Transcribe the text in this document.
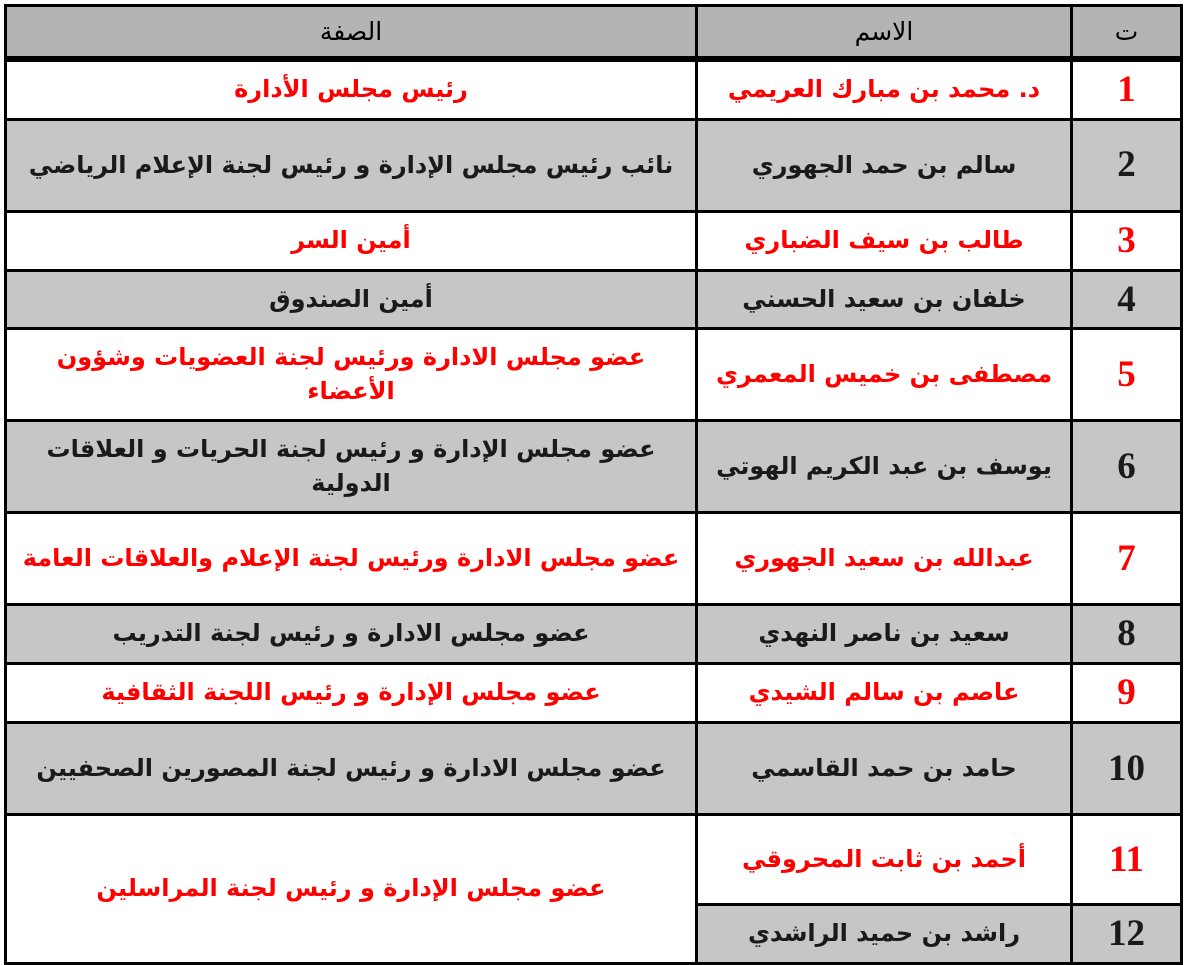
ت	الاسم	الصفة
1	د. محمد بن مبارك العريمي	رئيس مجلس الأدارة
2	سالم بن حمد الجهوري	نائب رئيس مجلس الإدارة و رئيس لجنة الإعلام الرياضي
3	طالب بن سيف الضباري	أمين السر
4	خلفان بن سعيد الحسني	أمين الصندوق
5	مصطفى بن خميس المعمري	عضو مجلس الادارة ورئيس لجنة العضويات وشؤون الأعضاء
6	يوسف بن عبد الكريم الهوتي	عضو مجلس الإدارة و رئيس لجنة الحريات و العلاقات الدولية
7	عبدالله بن سعيد الجهوري	عضو مجلس الادارة ورئيس لجنة الإعلام والعلاقات العامة
8	سعيد بن ناصر النهدي	عضو مجلس الادارة و رئيس لجنة التدريب
9	عاصم بن سالم الشيدي	عضو مجلس الإدارة و رئيس اللجنة الثقافية
10	حامد بن حمد القاسمي	عضو مجلس الادارة و رئيس لجنة المصورين الصحفيين
11	أحمد بن ثابت المحروقي	عضو مجلس الإدارة و رئيس لجنة المراسلين
12	راشد بن حميد الراشدي	
